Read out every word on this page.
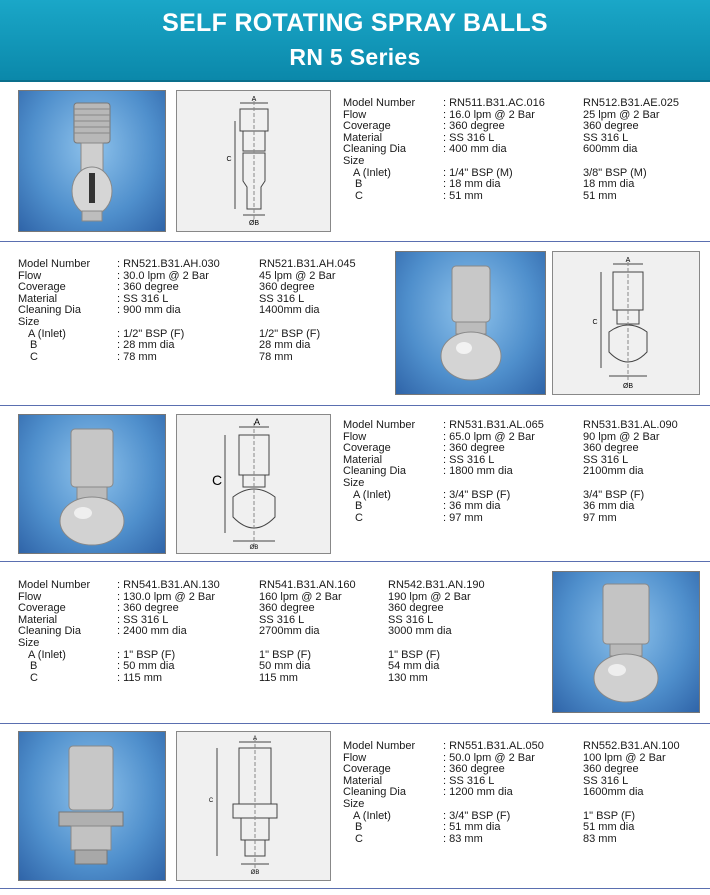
SELF ROTATING SPRAY BALLS
RN 5 Series
A
C
ØB
Model Number
Flow
Coverage
Material
Cleaning Dia
Size
A (Inlet)
B
C
: RN511.B31.AC.016
: 16.0 lpm @ 2 Bar
: 360 degree
: SS 316 L
: 400 mm dia
: 1/4" BSP (M)
: 18 mm dia
: 51 mm
RN512.B31.AE.025
25 lpm @ 2 Bar
360 degree
SS 316 L
600mm dia
3/8" BSP (M)
18 mm dia
51 mm
Model Number
Flow
Coverage
Material
Cleaning Dia
Size
A (Inlet)
B
C
: RN521.B31.AH.030
: 30.0 lpm @ 2 Bar
: 360 degree
: SS 316 L
: 900 mm dia
: 1/2" BSP (F)
: 28 mm dia
: 78 mm
RN521.B31.AH.045
45 lpm @ 2 Bar
360 degree
SS 316 L
1400mm dia
1/2" BSP (F)
28 mm dia
78 mm
A
C
ØB
A
C
ØB
Model Number
Flow
Coverage
Material
Cleaning Dia
Size
A (Inlet)
B
C
: RN531.B31.AL.065
: 65.0 lpm @ 2 Bar
: 360 degree
: SS 316 L
: 1800 mm dia
: 3/4" BSP (F)
: 36 mm dia
: 97 mm
RN531.B31.AL.090
90 lpm @ 2 Bar
360 degree
SS 316 L
2100mm dia
3/4" BSP (F)
36 mm dia
97 mm
Model Number
Flow
Coverage
Material
Cleaning Dia
Size
A (Inlet)
B
C
: RN541.B31.AN.130
: 130.0 lpm @ 2 Bar
: 360 degree
: SS 316 L
: 2400 mm dia
: 1" BSP (F)
: 50 mm dia
: 115 mm
RN541.B31.AN.160
160 lpm @ 2 Bar
360 degree
SS 316 L
2700mm dia
1" BSP (F)
50 mm dia
115 mm
RN542.B31.AN.190
190 lpm @ 2 Bar
360 degree
SS 316 L
3000 mm dia
1" BSP (F)
54 mm dia
130 mm
A
C
ØB
Model Number
Flow
Coverage
Material
Cleaning Dia
Size
A (Inlet)
B
C
: RN551.B31.AL.050
: 50.0 lpm @ 2 Bar
: 360 degree
: SS 316 L
: 1200 mm dia
: 3/4" BSP (F)
: 51 mm dia
: 83 mm
RN552.B31.AN.100
100 lpm @ 2 Bar
360 degree
SS 316 L
1600mm dia
1" BSP (F)
51 mm dia
83 mm
